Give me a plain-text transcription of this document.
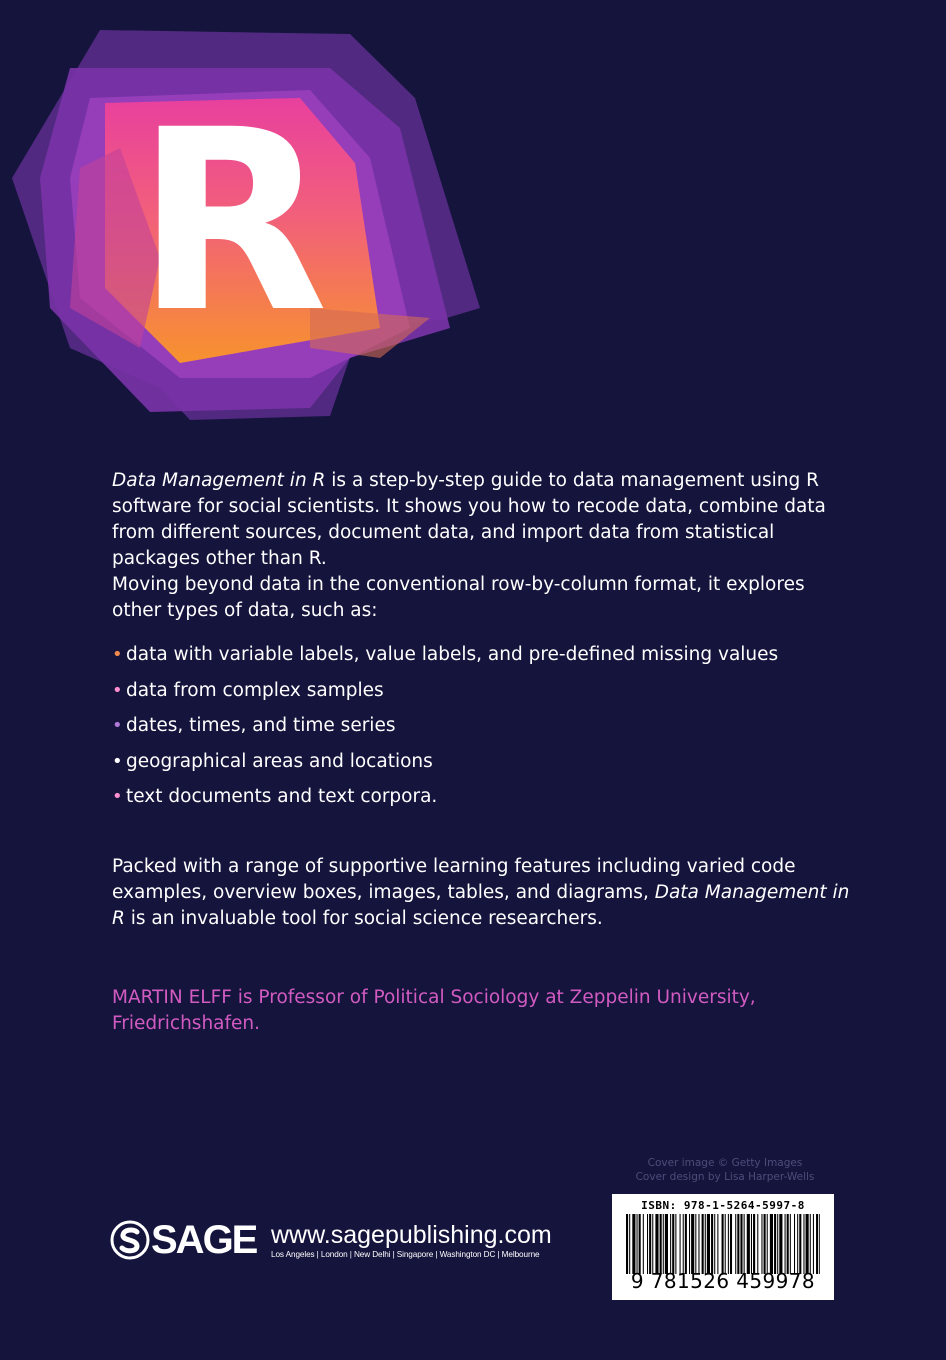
R

Data Management in R is a step-by-step guide to data management using R software for social scientists. It shows you how to recode data, combine data from different sources, document data, and import data from statistical packages other than R.

Moving beyond data in the conventional row-by-column format, it explores other types of data, such as:

• data with variable labels, value labels, and pre-defined missing values
• data from complex samples
• dates, times, and time series
• geographical areas and locations
• text documents and text corpora.

Packed with a range of supportive learning features including varied code examples, overview boxes, images, tables, and diagrams, Data Management in R is an invaluable tool for social science researchers.

MARTIN ELFF is Professor of Political Sociology at Zeppelin University, Friedrichshafen.

Cover image © Getty Images
Cover design by Lisa Harper-Wells
SAGE www.sagepublishing.com
Los Angeles | London | New Delhi | Singapore | Washington DC | Melbourne
ISBN: 978-1-5264-5997-8
9 781526 459978
